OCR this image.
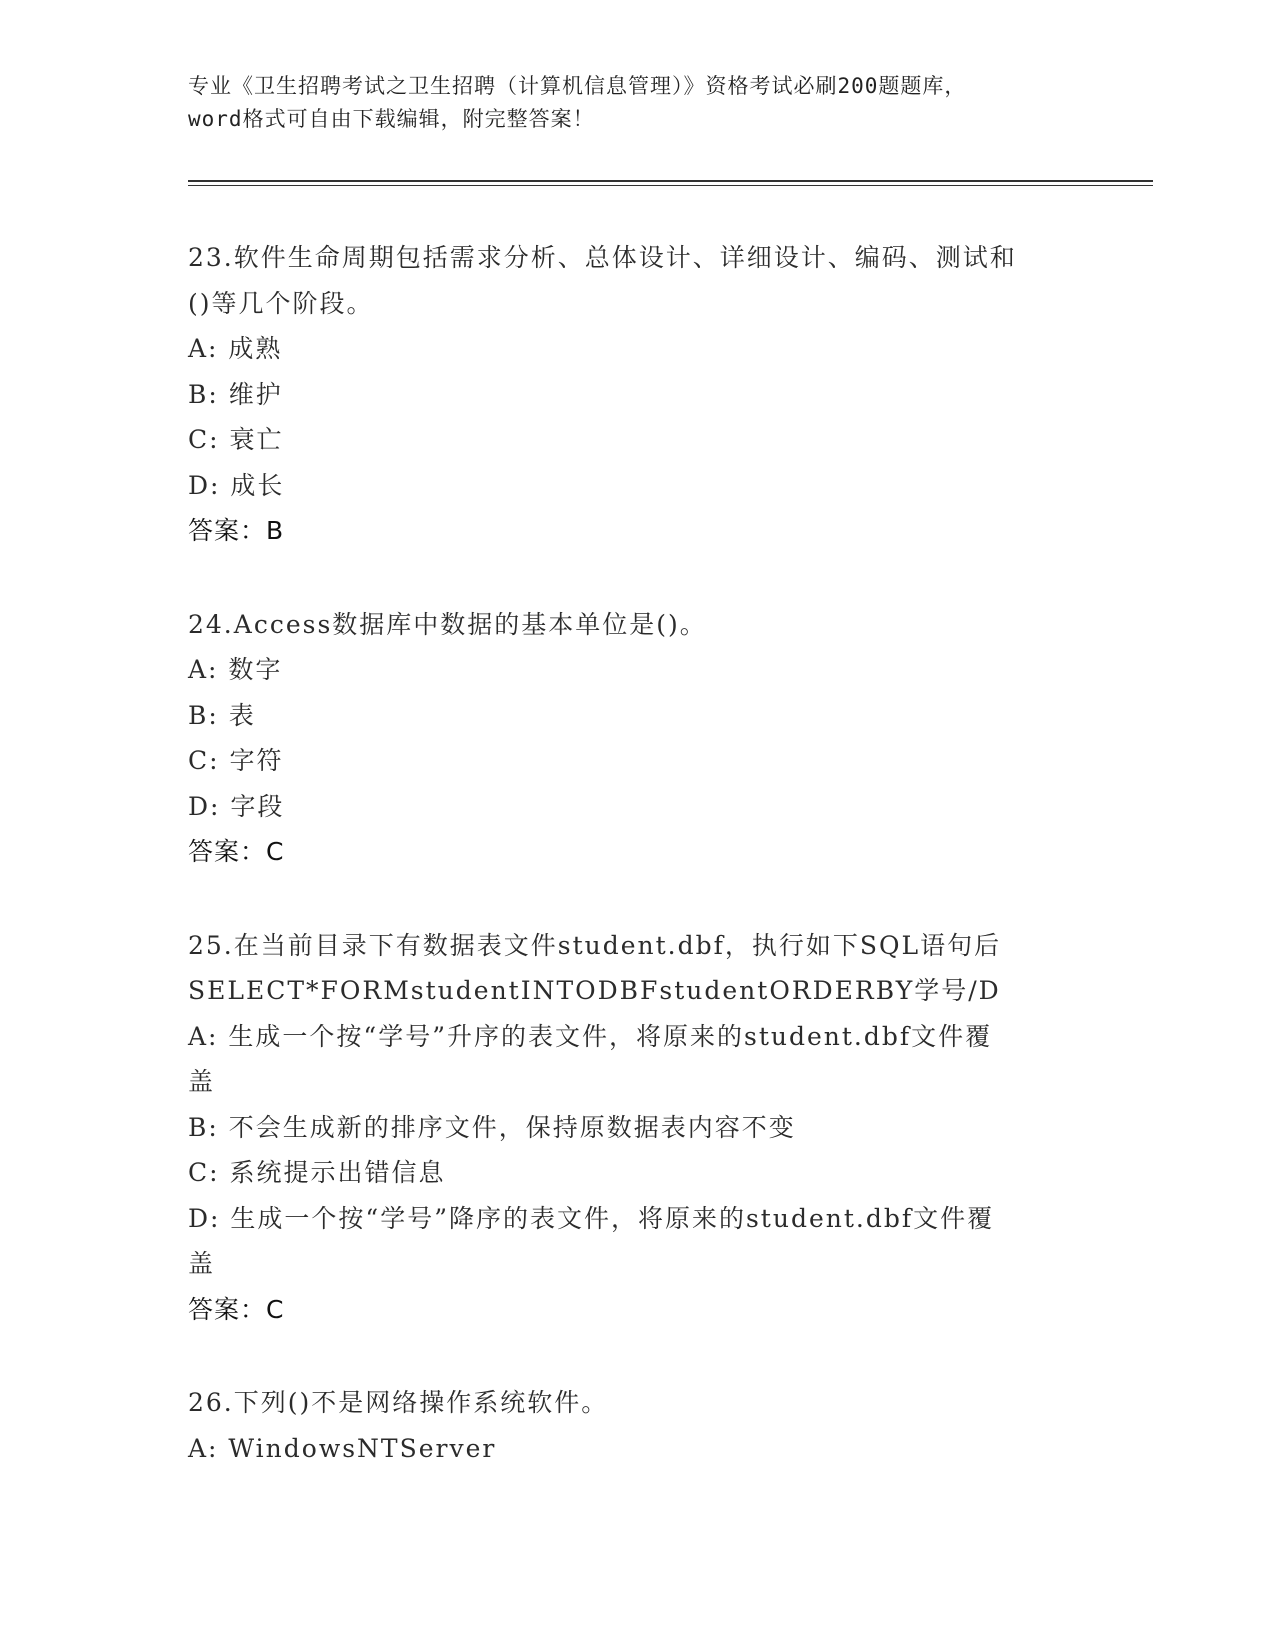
专业《卫生招聘考试之卫生招聘（计算机信息管理）》资格考试必刷200题题库，
word格式可自由下载编辑，附完整答案！
23.软件生命周期包括需求分析、总体设计、详细设计、编码、测试和
()等几个阶段。
A: 成熟
B: 维护
C: 衰亡
D: 成长
答案：B
24.Access数据库中数据的基本单位是()。
A: 数字
B: 表
C: 字符
D: 字段
答案：C
25.在当前目录下有数据表文件student.dbf，执行如下SQL语句后
SELECT*FORMstudentINTODBFstudentORDERBY学号/D
A: 生成一个按“学号”升序的表文件，将原来的student.dbf文件覆
盖
B: 不会生成新的排序文件，保持原数据表内容不变
C: 系统提示出错信息
D: 生成一个按“学号”降序的表文件，将原来的student.dbf文件覆
盖
答案：C
26.下列()不是网络操作系统软件。
A: WindowsNTServer
